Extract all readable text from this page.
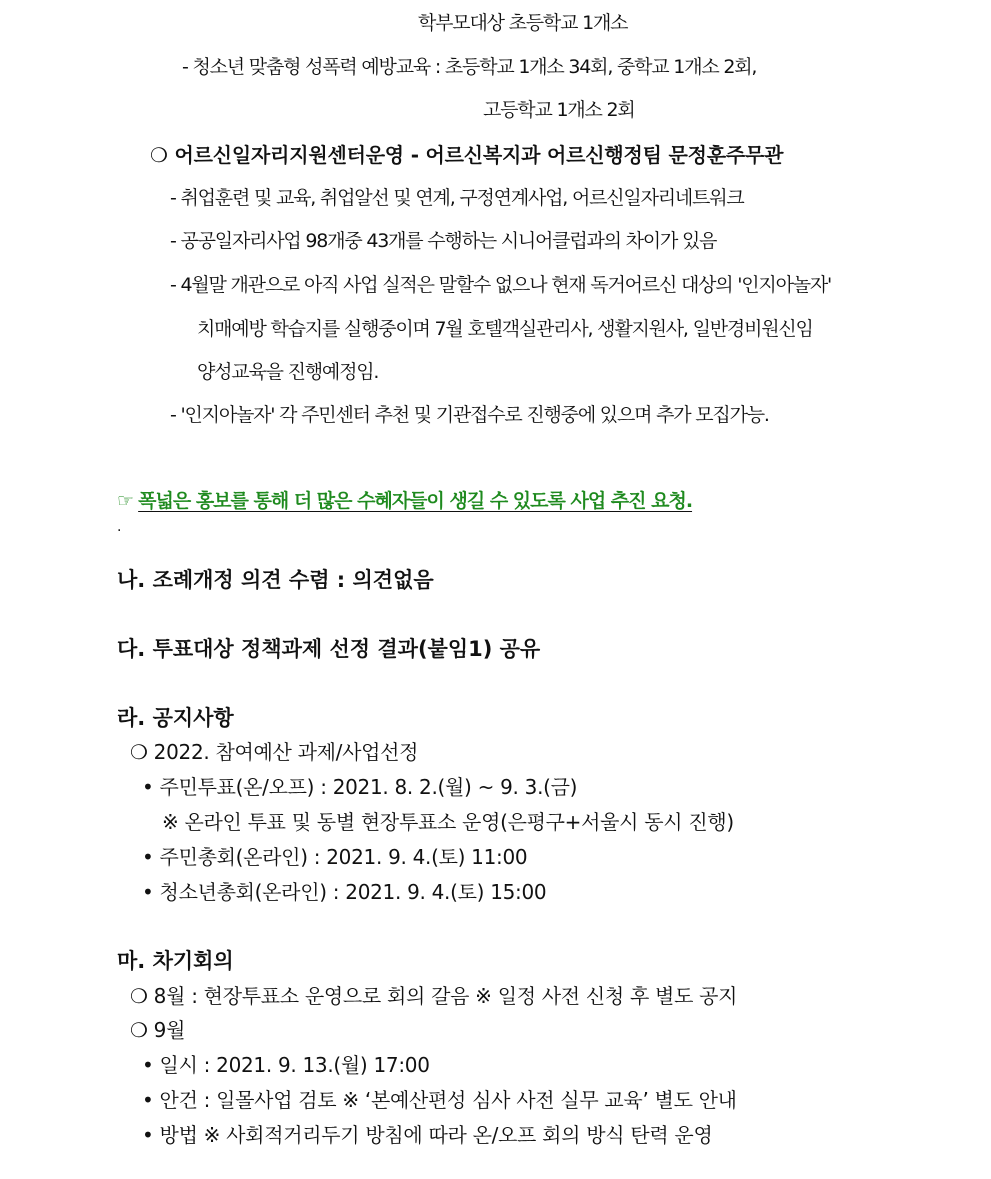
학부모대상 초등학교 1개소
- 청소년 맞춤형 성폭력 예방교육 : 초등학교 1개소 34회, 중학교 1개소 2회,
고등학교 1개소 2회
❍ 어르신일자리지원센터운영 - 어르신복지과 어르신행정팀 문정훈주무관
- 취업훈련 및 교육, 취업알선 및 연계, 구정연계사업, 어르신일자리네트워크
- 공공일자리사업 98개중 43개를 수행하는 시니어클럽과의 차이가 있음
- 4월말 개관으로 아직 사업 실적은 말할수 없으나 현재 독거어르신 대상의 '인지아놀자'
치매예방 학습지를 실행중이며 7월 호텔객실관리사, 생활지원사, 일반경비원신임
양성교육을 진행예정임.
- '인지아놀자' 각 주민센터 추천 및 기관접수로 진행중에 있으며 추가 모집가능.
☞ 폭넓은 홍보를 통해 더 많은 수혜자들이 생길 수 있도록 사업 추진 요청.
.
나. 조례개정 의견 수렴 : 의견없음
다. 투표대상 정책과제 선정 결과(붙임1) 공유
라. 공지사항
❍ 2022. 참여예산 과제/사업선정
• 주민투표(온/오프) : 2021. 8. 2.(월) ~ 9. 3.(금)
※ 온라인 투표 및 동별 현장투표소 운영(은평구+서울시 동시 진행)
• 주민총회(온라인) : 2021. 9. 4.(토) 11:00
• 청소년총회(온라인) : 2021. 9. 4.(토) 15:00
마. 차기회의
❍ 8월 : 현장투표소 운영으로 회의 갈음 ※ 일정 사전 신청 후 별도 공지
❍ 9월
• 일시 : 2021. 9. 13.(월) 17:00
• 안건 : 일몰사업 검토 ※ ‘본예산편성 심사 사전 실무 교육’ 별도 안내
• 방법 ※ 사회적거리두기 방침에 따라 온/오프 회의 방식 탄력 운영
